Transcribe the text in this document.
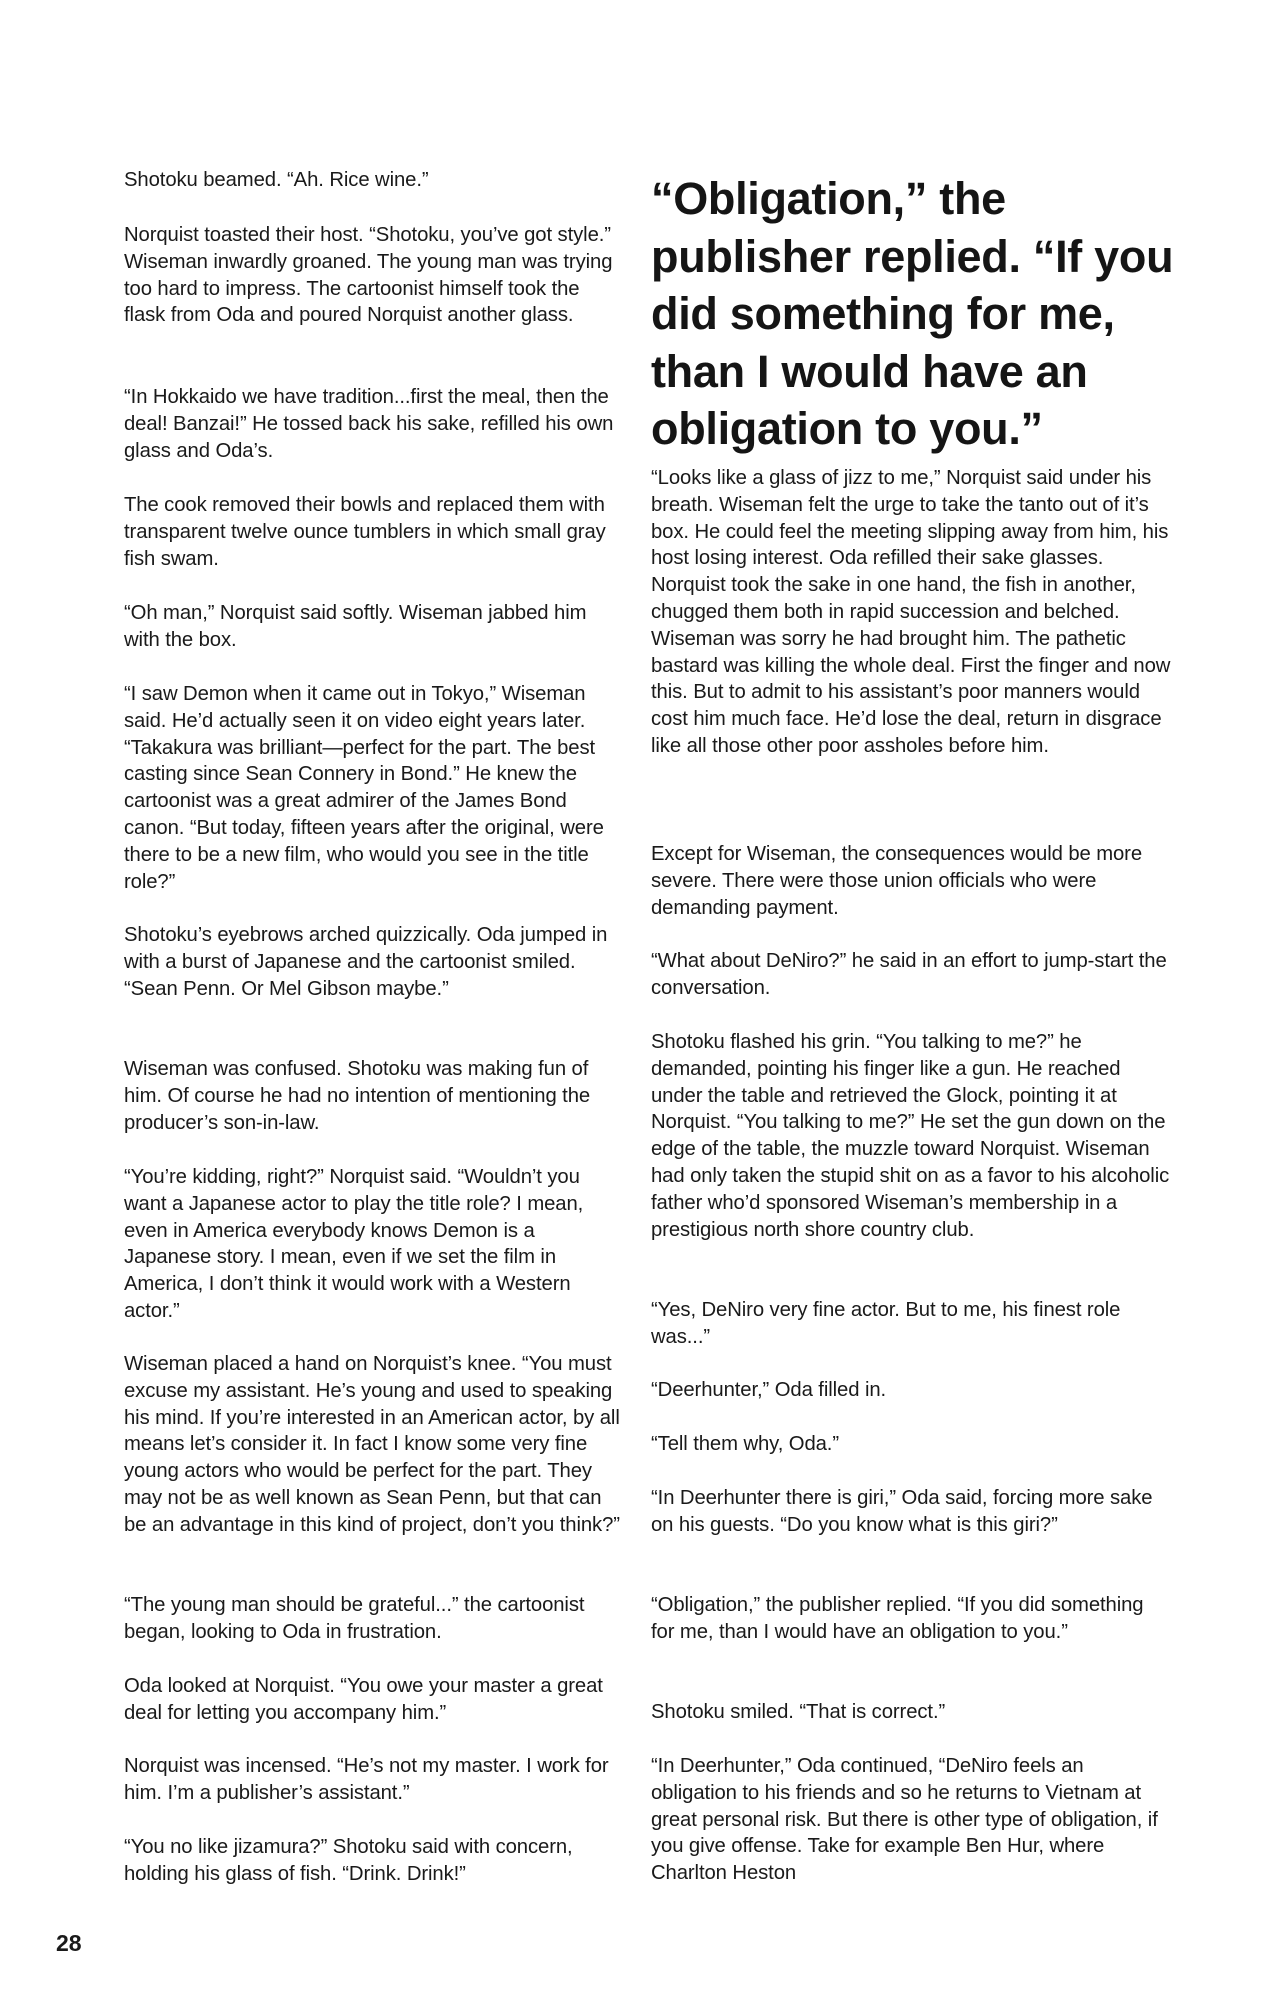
Shotoku beamed. “Ah. Rice wine.”

Norquist toasted their host. “Shotoku, you’ve got style.” Wiseman inwardly groaned. The young man was trying too hard to impress. The cartoonist himself took the flask from Oda and poured Norquist another glass.

“In Hokkaido we have tradition...first the meal, then the deal! Banzai!” He tossed back his sake, refilled his own glass and Oda’s.

The cook removed their bowls and replaced them with transparent twelve ounce tumblers in which small gray fish swam.

“Oh man,” Norquist said softly. Wiseman jabbed him with the box.

“I saw Demon when it came out in Tokyo,” Wiseman said. He’d actually seen it on video eight years later. “Takakura was brilliant—perfect for the part. The best casting since Sean Connery in Bond.” He knew the cartoonist was a great admirer of the James Bond canon. “But today, fifteen years after the original, were there to be a new film, who would you see in the title role?”

Shotoku’s eyebrows arched quizzically. Oda jumped in with a burst of Japanese and the cartoonist smiled. “Sean Penn. Or Mel Gibson maybe.”

Wiseman was confused. Shotoku was making fun of him. Of course he had no intention of mentioning the producer’s son-in-law.

“You’re kidding, right?” Norquist said. “Wouldn’t you want a Japanese actor to play the title role? I mean, even in America everybody knows Demon is a Japanese story. I mean, even if we set the film in America, I don’t think it would work with a Western actor.”

Wiseman placed a hand on Norquist’s knee. “You must excuse my assistant. He’s young and used to speaking his mind. If you’re interested in an American actor, by all means let’s consider it. In fact I know some very fine young actors who would be perfect for the part. They may not be as well known as Sean Penn, but that can be an advantage in this kind of project, don’t you think?”

“The young man should be grateful...” the cartoonist began, looking to Oda in frustration.

Oda looked at Norquist. “You owe your master a great deal for letting you accompany him.”

Norquist was incensed. “He’s not my master. I work for him. I’m a publisher’s assistant.”

“You no like jizamura?” Shotoku said with concern, holding his glass of fish. “Drink. Drink!”

“Obligation,” the publisher replied. “If you did something for me, than I would have an obligation to you.”

“Looks like a glass of jizz to me,” Norquist said under his breath. Wiseman felt the urge to take the tanto out of it’s box. He could feel the meeting slipping away from him, his host losing interest. Oda refilled their sake glasses. Norquist took the sake in one hand, the fish in another, chugged them both in rapid succession and belched. Wiseman was sorry he had brought him. The pathetic bastard was killing the whole deal. First the finger and now this. But to admit to his assistant’s poor manners would cost him much face. He’d lose the deal, return in disgrace like all those other poor assholes before him.

Except for Wiseman, the consequences would be more severe. There were those union officials who were demanding payment.

“What about DeNiro?” he said in an effort to jump-start the conversation.

Shotoku flashed his grin. “You talking to me?” he demanded, pointing his finger like a gun. He reached under the table and retrieved the Glock, pointing it at Norquist. “You talking to me?” He set the gun down on the edge of the table, the muzzle toward Norquist. Wiseman had only taken the stupid shit on as a favor to his alcoholic father who’d sponsored Wiseman’s membership in a prestigious north shore country club.

“Yes, DeNiro very fine actor. But to me, his finest role was...”

“Deerhunter,” Oda filled in.

“Tell them why, Oda.”

“In Deerhunter there is giri,” Oda said, forcing more sake on his guests. “Do you know what is this giri?”

“Obligation,” the publisher replied. “If you did something for me, than I would have an obligation to you.”

Shotoku smiled. “That is correct.”

“In Deerhunter,” Oda continued, “DeNiro feels an obligation to his friends and so he returns to Vietnam at great personal risk. But there is other type of obligation, if you give offense. Take for example Ben Hur, where Charlton Heston

28
